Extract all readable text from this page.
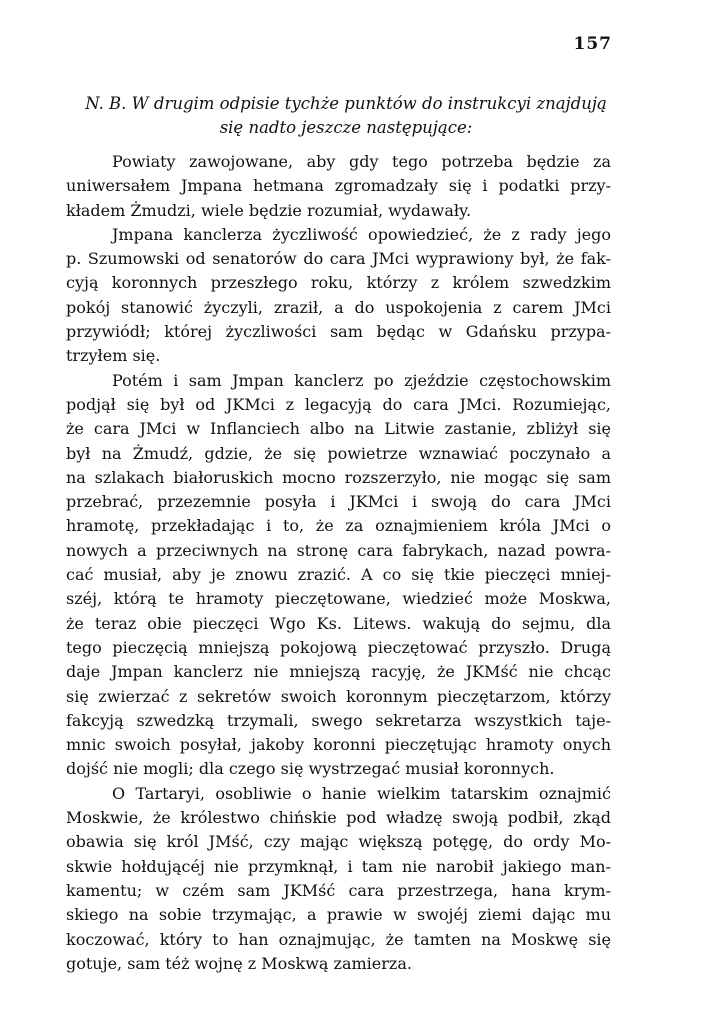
157
N. B. W drugim odpisie tychże punktów do instrukcyi znajdują
się nadto jeszcze następujące:
Powiaty zawojowane, aby gdy tego potrzeba będzie za
uniwersałem Jmpana hetmana zgromadzały się i podatki przy-
kładem Żmudzi, wiele będzie rozumiał, wydawały.
Jmpana kanclerza życzliwość opowiedzieć, że z rady jego
p. Szumowski od senatorów do cara JMci wyprawiony był, że fak-
cyją koronnych przeszłego roku, którzy z królem szwedzkim
pokój stanowić życzyli, zraził, a do uspokojenia z carem JMci
przywiódł; której życzliwości sam będąc w Gdańsku przypa-
trzyłem się.
Potém i sam Jmpan kanclerz po zjeździe częstochowskim
podjął się był od JKMci z legacyją do cara JMci. Rozumiejąc,
że cara JMci w Inflanciech albo na Litwie zastanie, zbliżył się
był na Żmudź, gdzie, że się powietrze wznawiać poczynało a
na szlakach białoruskich mocno rozszerzyło, nie mogąc się sam
przebrać, przezemnie posyła i JKMci i swoją do cara JMci
hramotę, przekładając i to, że za oznajmieniem króla JMci o
nowych a przeciwnych na stronę cara fabrykach, nazad powra-
cać musiał, aby je znowu zrazić. A co się tkie pieczęci mniej-
széj, którą te hramoty pieczętowane, wiedzieć może Moskwa,
że teraz obie pieczęci Wgo Ks. Litews. wakują do sejmu, dla
tego pieczęcią mniejszą pokojową pieczętować przyszło. Drugą
daje Jmpan kanclerz nie mniejszą racyję, że JKMść nie chcąc
się zwierzać z sekretów swoich koronnym pieczętarzom, którzy
fakcyją szwedzką trzymali, swego sekretarza wszystkich taje-
mnic swoich posyłał, jakoby koronni pieczętując hramoty onych
dojść nie mogli; dla czego się wystrzegać musiał koronnych.
O Tartaryi, osobliwie o hanie wielkim tatarskim oznajmić
Moskwie, że królestwo chińskie pod władzę swoją podbił, zkąd
obawia się król JMść, czy mając większą potęgę, do ordy Mo-
skwie hołdującéj nie przymknął, i tam nie narobił jakiego man-
kamentu; w czém sam JKMść cara przestrzega, hana krym-
skiego na sobie trzymając, a prawie w swojéj ziemi dając mu
koczować, który to han oznajmując, że tamten na Moskwę się
gotuje, sam téż wojnę z Moskwą zamierza.
